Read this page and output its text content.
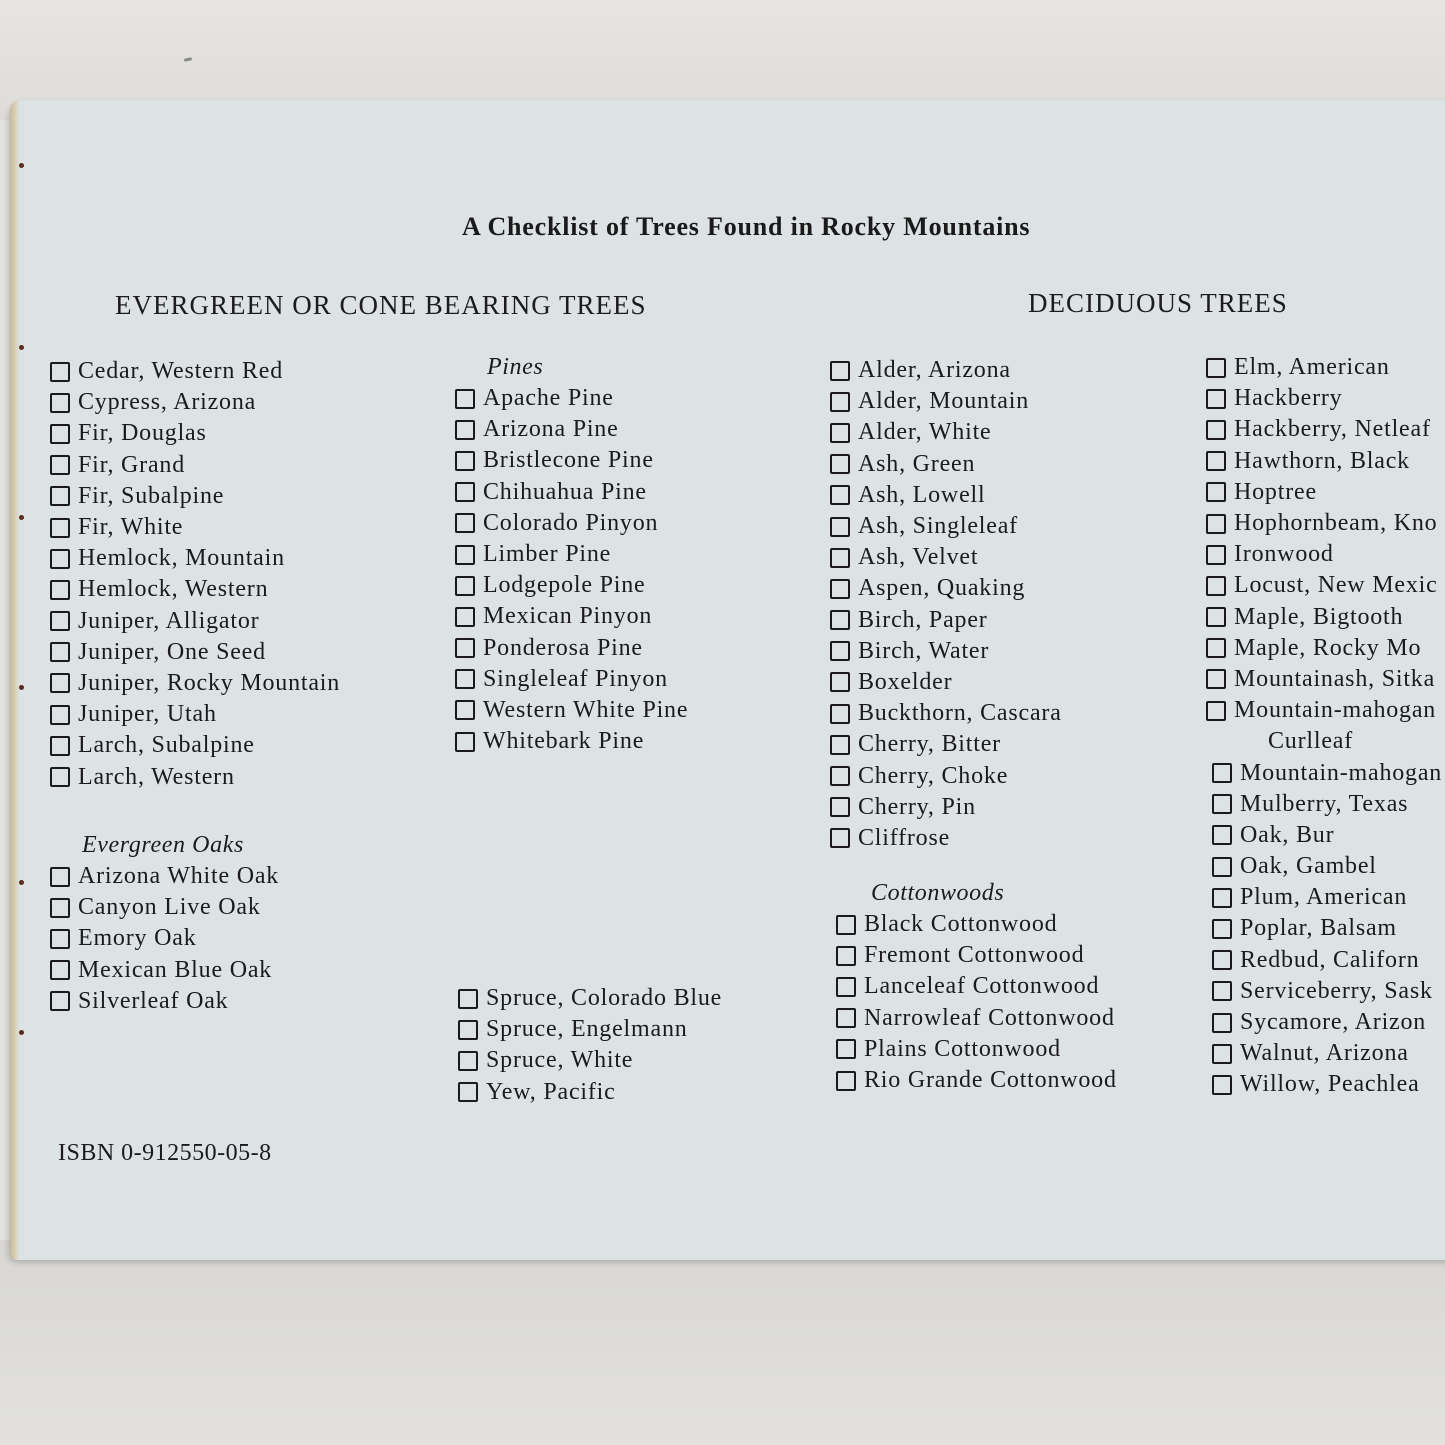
A Checklist of Trees Found in Rocky Mountains
EVERGREEN OR CONE BEARING TREES	DECIDUOUS TREES
Cedar, Western Red
Cypress, Arizona
Fir, Douglas
Fir, Grand
Fir, Subalpine
Fir, White
Hemlock, Mountain
Hemlock, Western
Juniper, Alligator
Juniper, One Seed
Juniper, Rocky Mountain
Juniper, Utah
Larch, Subalpine
Larch, Western
Evergreen Oaks
Arizona White Oak
Canyon Live Oak
Emory Oak
Mexican Blue Oak
Silverleaf Oak
Pines
Apache Pine
Arizona Pine
Bristlecone Pine
Chihuahua Pine
Colorado Pinyon
Limber Pine
Lodgepole Pine
Mexican Pinyon
Ponderosa Pine
Singleleaf Pinyon
Western White Pine
Whitebark Pine
Spruce, Colorado Blue
Spruce, Engelmann
Spruce, White
Yew, Pacific
Alder, Arizona
Alder, Mountain
Alder, White
Ash, Green
Ash, Lowell
Ash, Singleleaf
Ash, Velvet
Aspen, Quaking
Birch, Paper
Birch, Water
Boxelder
Buckthorn, Cascara
Cherry, Bitter
Cherry, Choke
Cherry, Pin
Cliffrose
Cottonwoods
Black Cottonwood
Fremont Cottonwood
Lanceleaf Cottonwood
Narrowleaf Cottonwood
Plains Cottonwood
Rio Grande Cottonwood
Elm, American
Hackberry
Hackberry, Netleaf
Hawthorn, Black
Hoptree
Hophornbeam, Kno
Ironwood
Locust, New Mexic
Maple, Bigtooth
Maple, Rocky Mo
Mountainash, Sitka
Mountain-mahogan
Curlleaf
Mountain-mahogan
Mulberry, Texas
Oak, Bur
Oak, Gambel
Plum, American
Poplar, Balsam
Redbud, Californ
Serviceberry, Sask
Sycamore, Arizon
Walnut, Arizona
Willow, Peachlea
ISBN 0-912550-05-8
